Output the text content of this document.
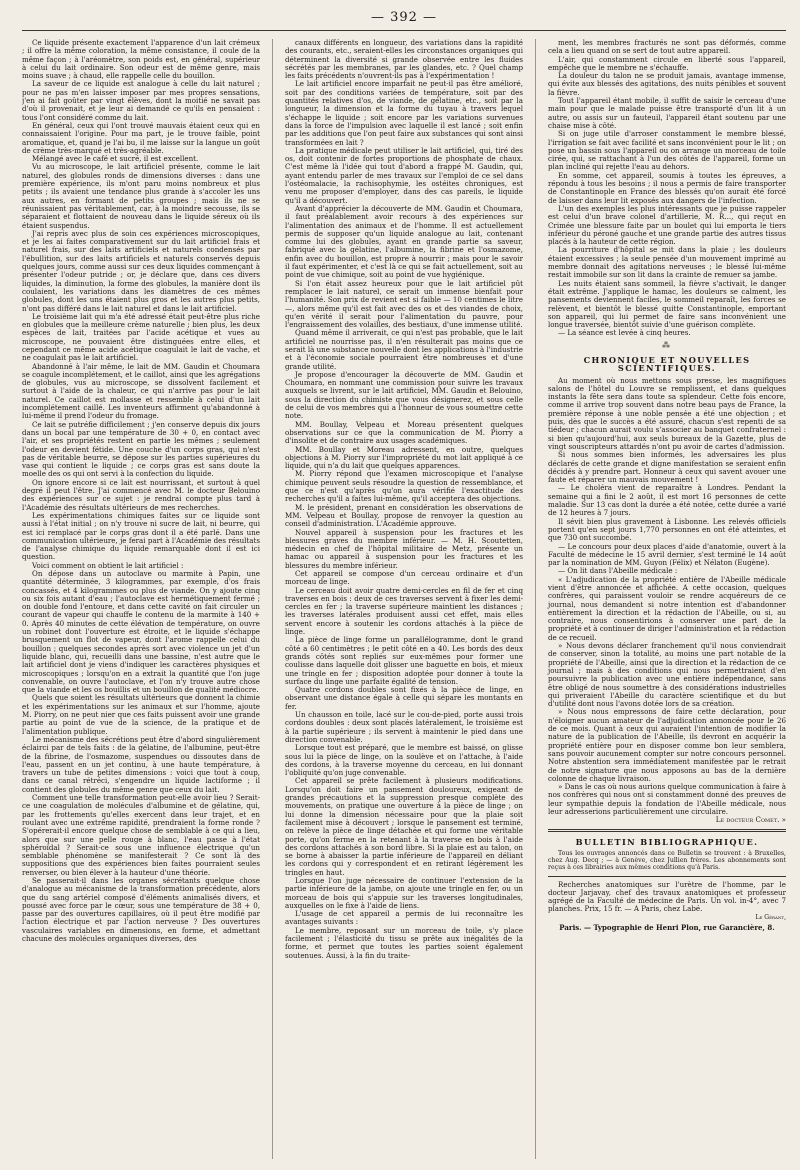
— 392 —

Ce liquide présente exactement l'apparence d'un lait crémeux ; il offre la même coloration, la même consistance, il coule de la même façon ; à l'aréomètre, son poids est, en général, supérieur à celui du lait ordinaire. Son odeur est de même genre, mais moins suave ; à chaud, elle rappelle celle du bouillon.

La saveur de ce liquide est analogue à celle du lait naturel ; pour ne pas m'en laisser imposer par mes propres sensations, j'en ai fait goûter par vingt élèves, dont la moitié ne savait pas d'où il provenait, et je leur ai demandé ce qu'ils en pensaient : tous l'ont considéré comme du lait.

En général, ceux qui l'ont trouvé mauvais étaient ceux qui en connaissaient l'origine. Pour ma part, je le trouve faible, point aromatique, et, quand je l'ai bu, il me laisse sur la langue un goût de crème très-marqué et très-agréable.

Mélangé avec le café et sucré, il est excellent.

Vu au microscope, le lait artificiel présente, comme le lait naturel, des globules ronds de dimensions diverses : dans une première expérience, ils m'ont paru moins nombreux et plus petits ; ils avaient une tendance plus grande à s'accoler les uns aux autres, en formant de petits groupes ; mais ils ne se réunissaient pas véritablement, car, à la moindre secousse, ils se séparaient et flottaient de nouveau dans le liquide séreux où ils étaient suspendus.

J'ai repris avec plus de soin ces expériences microscopiques, et je les ai faites comparativement sur du lait artificiel frais et naturel frais, sur des laits artificiels et naturels condensés par l'ébullition, sur des laits artificiels et naturels conservés depuis quelques jours, comme aussi sur ces deux liquides commençant à présenter l'odeur putride ; or, je déclare que, dans ces divers liquides, la diminution, la forme des globules, la manière dont ils coulaient, les variations dans les diamètres de ces mêmes globules, dont les uns étaient plus gros et les autres plus petits, n'ont pas différé dans le lait naturel et dans le lait artificiel.

Le troisième lait qui m'a été adressé était peut-être plus riche en globules que la meilleure crème naturelle ; bien plus, les deux espèces de lait, traitées par l'acide acétique et vues au microscope, ne pouvaient être distinguées entre elles, et cependant ce même acide acétique coagulait le lait de vache, et ne coagulait pas le lait artificiel.

Abandonné à l'air même, le lait de MM. Gaudin et Choumara se coagule incomplétement, et le caillot, ainsi que les agrégations de globules, vus au microscope, se dissolvent facilement et surtout à l'aide de la chaleur, ce qui n'arrive pas pour le lait naturel. Ce caillot est mollasse et ressemble à celui d'un lait incomplétement caillé. Les inventeurs affirment qu'abandonné à lui-même il prend l'odeur du fromage.

Ce lait se putréfie difficilement ; j'en conserve depuis dix jours dans un bocal par une température de 30 + 0, en contact avec l'air, et ses propriétés restent en partie les mêmes ; seulement l'odeur en devient fétide. Une couche d'un corps gras, qui n'est pas de véritable beurre, se dépose sur les parties supérieures du vase qui contient le liquide ; ce corps gras est sans doute la moelle des os qui ont servi à la confection du liquide.

On ignore encore si ce lait est nourrissant, et surtout à quel degré il peut l'être. J'ai commencé avec M. le docteur Belouino des expériences sur ce sujet : je rendrai compte plus tard à l'Académie des résultats ultérieurs de mes recherches.

Les expérimentations chimiques faites sur ce liquide sont aussi à l'état initial ; on n'y trouve ni sucre de lait, ni beurre, qui est ici remplacé par le corps gras dont il a été parlé. Dans une communication ultérieure, je ferai part à l'Académie des résultats de l'analyse chimique du liquide remarquable dont il est ici question.

Voici comment on obtient le lait artificiel :

On dépose dans un autoclave ou marmite à Papin, une quantité déterminée, 3 kilogrammes, par exemple, d'os frais concassés, et 4 kilogrammes ou plus de viande. On y ajoute cinq ou six fois autant d'eau ; l'autoclave est hermétiquement fermé ; on double fond l'entoure, et dans cette cavité on fait circuler un courant de vapeur qui chauffe le contenu de la marmite à 140 + 0. Après 40 minutes de cette élévation de température, on ouvre un robinet dont l'ouverture est étroite, et le liquide s'échappe brusquement un flot de vapeur, dont l'arome rappelle celui du bouillon ; quelques secondes après sort avec violence un jet d'un liquide blanc, qui, recueilli dans une bassine, n'est autre que le lait artificiel dont je viens d'indiquer les caractères physiques et microscopiques ; lorsqu'on en a extrait la quantité que l'on juge convenable, on ouvre l'autoclave, et l'on n'y trouve autre chose que la viande et les os bouillis et un bouillon de qualité médiocre.

Quels que soient les résultats ultérieurs que donnent la chimie et les expérimentations sur les animaux et sur l'homme, ajoute M. Piorry, on ne peut nier que ces faits puissent avoir une grande partie au point de vue de la science, de la pratique et de l'alimentation publique.

Le mécanisme des sécrétions peut être d'abord singulièrement éclairci par de tels faits : de la gélatine, de l'albumine, peut-être de la fibrine, de l'osmazome, suspendues ou dissoutes dans de l'eau, passent en un jet continu, à une haute température, à travers un tube de petites dimensions : voici que tout à coup, dans ce canal rétréci, s'engendre un liquide lactiforme ; il contient des globules du même genre que ceux du lait.

Comment une telle transformation peut-elle avoir lieu ? Serait-ce une coagulation de molécules d'albumine et de gélatine, qui, par les frottements qu'elles exercent dans leur trajet, et en roulant avec une extrême rapidité, prendraient la forme ronde ? S'opérerait-il encore quelque chose de semblable à ce qui a lieu, alors que sur une pelle rouge à blanc, l'eau passe à l'état sphéroïdal ? Serait-ce sous une influence électrique qu'un semblable phénomène se manifesterait ? Ce sont là des suppositions que des expériences bien faites pourraient seules renverser, ou bien élever à la hauteur d'une théorie.

Se passerait-il dans les organes sécrétants quelque chose d'analogue au mécanisme de la transformation précédente, alors que du sang artériel composé d'éléments animalisés divers, et poussé avec force par le cœur, sous une température de 38 + 0, passe par des ouvertures capillaires, où il peut être modifié par l'action électrique et par l'action nerveuse ? Des ouvertures vasculaires variables en dimensions, en forme, et admettant chacune des molécules organiques diverses, des

canaux différents en longueur, des variations dans la rapidité des courants, etc., seraient-elles les circonstances organiques qui déterminent la diversité si grande observée entre les fluides sécrétés par les membranes, par les glandes, etc. ? Quel champ les faits précédents n'ouvrent-ils pas à l'expérimentation !

Le lait artificiel encore imparfait ne peut-il pas être amélioré, soit par des conditions variées de température, soit par des quantités relatives d'os, de viande, de gélatine, etc., soit par la longueur, la dimension et la forme du tuyau à travers lequel s'échappe le liquide ; soit encore par les variations survenues dans la force de l'impulsion avec laquelle il est lancé ; soit enfin par les additions que l'on peut faire aux substances qui sont ainsi transformées en lait ?

La pratique médicale peut utiliser le lait artificiel, qui, tiré des os, doit contenir de fortes proportions de phosphate de chaux. C'est même là l'idée qui tout d'abord a frappé M. Gaudin, qui, ayant entendu parler de mes travaux sur l'emploi de ce sel dans l'ostéomalacie, la rachisophymie, les ostéites chroniques, est venu me proposer d'employer, dans des cas pareils, le liquide qu'il a découvert.

Avant d'apprécier la découverte de MM. Gaudin et Choumara, il faut préalablement avoir recours à des expériences sur l'alimentation des animaux et de l'homme. Il est actuellement permis de supposer qu'un liquide analogue au lait, contenant comme lui des globules, ayant en grande partie sa saveur, fabriqué avec la gélatine, l'albumine, la fibrine et l'osmazome, enfin avec du bouillon, est propre à nourrir ; mais pour le savoir il faut expérimenter, et c'est là ce qui se fait actuellement, soit au point de vue chimique, soit au point de vue hygiénique.

Si l'on était assez heureux pour que le lait artificiel pût remplacer le lait naturel, ce serait un immense bienfait pour l'humanité. Son prix de revient est si faible — 10 centimes le litre —, alors même qu'il est fait avec des os et des viandes de choix, qu'en vérité il serait pour l'alimentation du pauvre, pour l'engraissement des volailles, des bestiaux, d'une immense utilité.

Quand même il arriverait, ce qui n'est pas probable, que le lait artificiel ne nourrisse pas, il n'en résulterait pas moins que ce serait là une substance nouvelle dont les applications à l'industrie et à l'économie sociale pourraient être nombreuses et d'une grande utilité.

Je propose d'encourager la découverte de MM. Gaudin et Choumara, en nommant une commission pour suivre les travaux auxquels se livrent, sur le lait artificiel, MM. Gaudin et Belouino, sous la direction du chimiste que vous désignerez, et sous celle de celui de vos membres qui a l'honneur de vous soumettre cette note.

MM. Boullay, Velpeau et Moreau présentent quelques observations sur ce que la communication de M. Piorry a d'insolite et de contraire aux usages académiques.

MM. Boullay et Moreau adressent, en outre, quelques objections à M. Piorry sur l'impropriété du mot lait appliqué à ce liquide, qui n'a du lait que quelques apparences.

M. Piorry répond que l'examen microscopique et l'analyse chimique peuvent seuls résoudre la question de ressemblance, et que ce n'est qu'après qu'on aura vérifié l'exactitude des recherches qu'il a faites lui-même, qu'il acceptera des objections.

M. le président, prenant en considération les observations de MM. Velpeau et Boullay, propose de renvoyer la question au conseil d'administration. L'Académie approuve.

Nouvel appareil à suspension pour les fractures et les blessures graves du membre inférieur. — M. H. Scoutetten, médecin en chef de l'hôpital militaire de Metz, présente un hamac ou appareil à suspension pour les fractures et les blessures du membre inférieur.

Cet appareil se compose d'un cerceau ordinaire et d'un morceau de linge.

Le cerceau doit avoir quatre demi-cercles en fil de fer et cinq traverses en bois : deux de ces traverses servent à fixer les demi-cercles en fer ; la traverse supérieure maintient les distances ; les traverses latérales produisent aussi cet effet, mais elles servent encore à soutenir les cordons attachés à la pièce de linge.

La pièce de linge forme un parallélogramme, dont le grand côté a 60 centimètres ; le petit côté en a 40. Les bords des deux grands côtés sont repliés sur eux-mêmes pour former une coulisse dans laquelle doit glisser une baguette en bois, et mieux une tringle en fer ; disposition adoptée pour donner à toute la surface du linge une parfaite égalité de tension.

Quatre cordons doubles sont fixés à la pièce de linge, en observant une distance égale à celle qui sépare les montants en fer.

Un chausson en toile, lacé sur le cou-de-pied, porte aussi trois cordons doubles : deux sont placés latéralement, le troisième est à la partie supérieure ; ils servent à maintenir le pied dans une direction convenable.

Lorsque tout est préparé, que le membre est baissé, on glisse sous lui la pièce de linge, on la soulève et on l'attache, à l'aide des cordons, à la traverse moyenne du cerceau, en lui donnant l'obliquité qu'on juge convenable.

Cet appareil se prête facilement à plusieurs modifications. Lorsqu'on doit faire un pansement douloureux, exigeant de grandes précautions et la suppression presque complète des mouvements, on pratique une ouverture à la pièce de linge ; on lui donne la dimension nécessaire pour que la plaie soit facilement mise à découvert ; lorsque le pansement est terminé, on relève la pièce de linge détachée et qui forme une véritable porte, qu'on ferme en la retenant à la traverse en bois à l'aide des cordons attachés à son bord libre. Si la plaie est au talon, on se borne à abaisser la partie inférieure de l'appareil en déliant les cordons qui y correspondent et en retirant légèrement les tringles en haut.

Lorsque l'on juge nécessaire de continuer l'extension de la partie inférieure de la jambe, on ajoute une tringle en fer, ou un morceau de bois qui s'appuie sur les traverses longitudinales, auxquelles on le fixe à l'aide de liens.

L'usage de cet appareil a permis de lui reconnaître les avantages suivants :

Le membre, reposant sur un morceau de toile, s'y place facilement ; l'élasticité du tissu se prête aux inégalités de la forme, et permet que toutes les parties soient également soutenues. Aussi, à la fin du traite-

ment, les membres fracturés ne sont pas déformés, comme cela a lieu quand on se sert de tout autre appareil.

L'air, qui constamment circule en liberté sous l'appareil, empêche que le membre ne s'échauffe.

La douleur du talon ne se produit jamais, avantage immense, qui évite aux blessés des agitations, des nuits pénibles et souvent la fièvre.

Tout l'appareil étant mobile, il suffit de saisir le cerceau d'une main pour que le malade puisse être transporté d'un lit à un autre, ou assis sur un fauteuil, l'appareil étant soutenu par une chaise mise à côté.

Si on juge utile d'arroser constamment le membre blessé, l'irrigation se fait avec facilité et sans inconvénient pour le lit ; on pose un bassin sous l'appareil ou on arrange un morceau de toile cirée, qui, se rattachant à l'un des côtés de l'appareil, forme un plan incliné qui rejette l'eau au dehors.

En somme, cet appareil, soumis à toutes les épreuves, a répondu à tous les besoins ; il nous a permis de faire transporter de Constantinople en France des blessés qu'on aurait été forcé de laisser dans leur lit exposés aux dangers de l'infection.

L'un des exemples les plus intéressants que je puisse rappeler est celui d'un brave colonel d'artillerie, M. R..., qui reçut en Crimée une blessure faite par un boulet qui lui emporta le tiers inférieur du péroné gauche et une grande partie des autres tissus placés à la hauteur de cette région.

La pourriture d'hôpital se mit dans la plaie ; les douleurs étaient excessives ; la seule pensée d'un mouvement imprimé au membre donnait des agitations nerveuses ; le blessé lui-même restait immobile sur son lit dans la crainte de remuer sa jambe.

Les nuits étaient sans sommeil, la fièvre s'activait, le danger était extrême. J'applique le hamac, les douleurs se calment, les pansements deviennent faciles, le sommeil reparaît, les forces se relèvent, et bientôt le blessé quitte Constantinople, emportant son appareil, qui lui permet de faire sans inconvénient une longue traversée, bientôt suivie d'une guérison complète.

— La séance est levée à cinq heures.

⁂
CHRONIQUE ET NOUVELLES SCIENTIFIQUES.

Au moment où nous mettons sous presse, les magnifiques salons de l'hôtel du Louvre se remplissent, et dans quelques instants la fête sera dans toute sa splendeur. Cette fois encore, comme il arrive trop souvent dans notre beau pays de France, la première réponse à une noble pensée a été une objection ; et puis, dès que le succès a été assuré, chacun s'est repenti de sa tiédeur ; chacun aurait voulu s'associer au banquet confraternel : si bien qu'aujourd'hui, aux seuls bureaux de la Gazette, plus de vingt souscripteurs attardés n'ont pu avoir de cartes d'admission.

Si nous sommes bien informés, les adversaires les plus déclarés de cette grande et digne manifestation se seraient enfin décidés à y prendre part. Honneur à ceux qui savent avouer une faute et réparer un mauvais mouvement !

— Le choléra vient de reparaître à Londres. Pendant la semaine qui a fini le 2 août, il est mort 16 personnes de cette maladie. Sur 13 cas dont la durée a été notée, cette durée a varié de 12 heures à 7 jours.

Il sévit bien plus gravement à Lisbonne. Les relevés officiels portent qu'en sept jours 1,770 personnes en ont été atteintes, et que 730 ont succombé.

— Le concours pour deux places d'aide d'anatomie, ouvert à la Faculté de médecine le 15 avril dernier, s'est terminé le 14 août par la nomination de MM. Guyon (Félix) et Nélaton (Eugène).

— On lit dans l'Abeille médicale :

« L'adjudication de la propriété entière de l'Abeille médicale vient d'être annoncée et affichée. A cette occasion, quelques confrères, qui paraissent vouloir se rendre acquéreurs de ce journal, nous demandent si notre intention est d'abandonner entièrement la direction et la rédaction de l'Abeille, ou si, au contraire, nous consentirions à conserver une part de la propriété et à continuer de diriger l'administration et la rédaction de ce recueil.

» Nous devons déclarer franchement qu'il nous conviendrait de conserver, sinon la totalité, au moins une part notable de la propriété de l'Abeille, ainsi que la direction et la rédaction de ce journal ; mais à des conditions qui nous permettraient d'en poursuivre la publication avec une entière indépendance, sans être obligé de nous soumettre à des considérations industrielles qui priveraient l'Abeille du caractère scientifique et du but d'utilité dont nous l'avons dotée lors de sa création.

» Nous nous empressons de faire cette déclaration, pour n'éloigner aucun amateur de l'adjudication annoncée pour le 26 de ce mois. Quant à ceux qui auraient l'intention de modifier la nature de la publication de l'Abeille, ils devront en acquérir la propriété entière pour en disposer comme bon leur semblera, sans pouvoir aucunement compter sur notre concours personnel. Notre abstention sera immédiatement manifestée par le retrait de notre signature que nous apposons au bas de la dernière colonne de chaque livraison.

» Dans le cas où nous aurions quelque communication à faire à nos confrères qui nous ont si constamment donné des preuves de leur sympathie depuis la fondation de l'Abeille médicale, nous leur adresserions particulièrement une circulaire.

Le docteur Comet. »

BULLETIN BIBLIOGRAPHIQUE.

Tous les ouvrages annoncés dans ce Bulletin se trouvent : à Bruxelles, chez Aug. Decq ; — à Genève, chez Jullien frères. Les abonnements sont reçus à ces librairies aux mêmes conditions qu'à Paris.

Recherches anatomiques sur l'urètre de l'homme, par le docteur Jarjavay, chef des travaux anatomiques et professeur agrégé de la Faculté de médecine de Paris. Un vol. in-4°, avec 7 planches. Prix, 15 fr. — A Paris, chez Labé.

Le Gérant,
Paris. — Typographie de Henri Plon, rue Garancière, 8.
